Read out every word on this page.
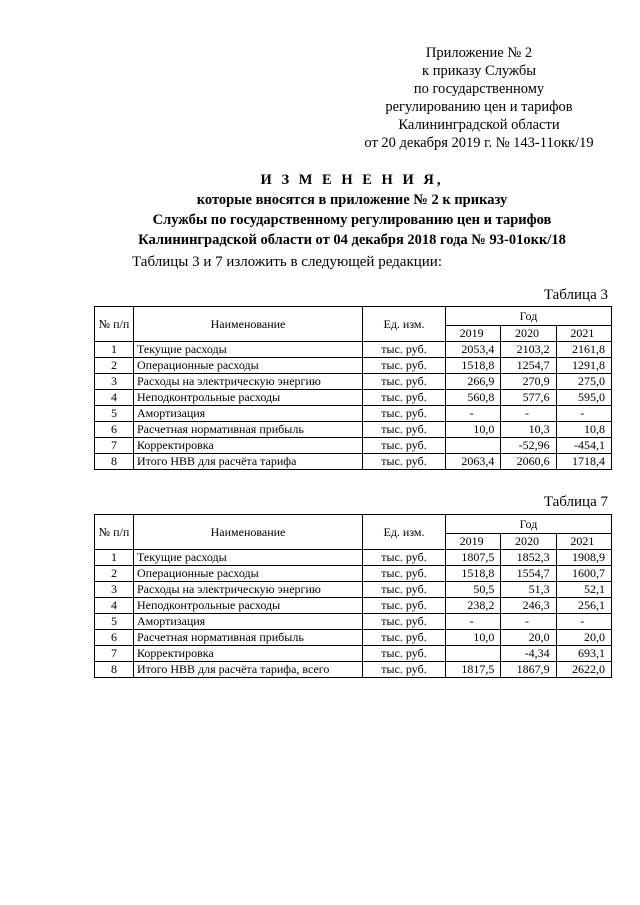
Приложение № 2
к приказу Службы
по государственному
регулированию цен и тарифов
Калининградской области
от 20 декабря 2019 г. № 143-11окк/19
И З М Е Н Е Н И Я,
которые вносятся в приложение № 2 к приказу
Службы по государственному регулированию цен и тарифов
Калининградской области от 04 декабря 2018 года № 93-01окк/18
Таблицы 3 и 7 изложить в следующей редакции:
Таблица 3
№ п/п	Наименование	Ед. изм.	Год		
			2019	2020	2021
1	Текущие расходы	тыс. руб.	2053,4	2103,2	2161,8
2	Операционные расходы	тыс. руб.	1518,8	1254,7	1291,8
3	Расходы на электрическую энергию	тыс. руб.	266,9	270,9	275,0
4	Неподконтрольные расходы	тыс. руб.	560,8	577,6	595,0
5	Амортизация	тыс. руб.	-	-	-
6	Расчетная нормативная прибыль	тыс. руб.	10,0	10,3	10,8
7	Корректировка	тыс. руб.		-52,96	-454,1
8	Итого НВВ для расчёта тарифа	тыс. руб.	2063,4	2060,6	1718,4
Таблица 7
№ п/п	Наименование	Ед. изм.	Год		
			2019	2020	2021
1	Текущие расходы	тыс. руб.	1807,5	1852,3	1908,9
2	Операционные расходы	тыс. руб.	1518,8	1554,7	1600,7
3	Расходы на электрическую энергию	тыс. руб.	50,5	51,3	52,1
4	Неподконтрольные расходы	тыс. руб.	238,2	246,3	256,1
5	Амортизация	тыс. руб.	-	-	-
6	Расчетная нормативная прибыль	тыс. руб.	10,0	20,0	20,0
7	Корректировка	тыс. руб.		-4,34	693,1
8	Итого НВВ для расчёта тарифа, всего	тыс. руб.	1817,5	1867,9	2622,0
